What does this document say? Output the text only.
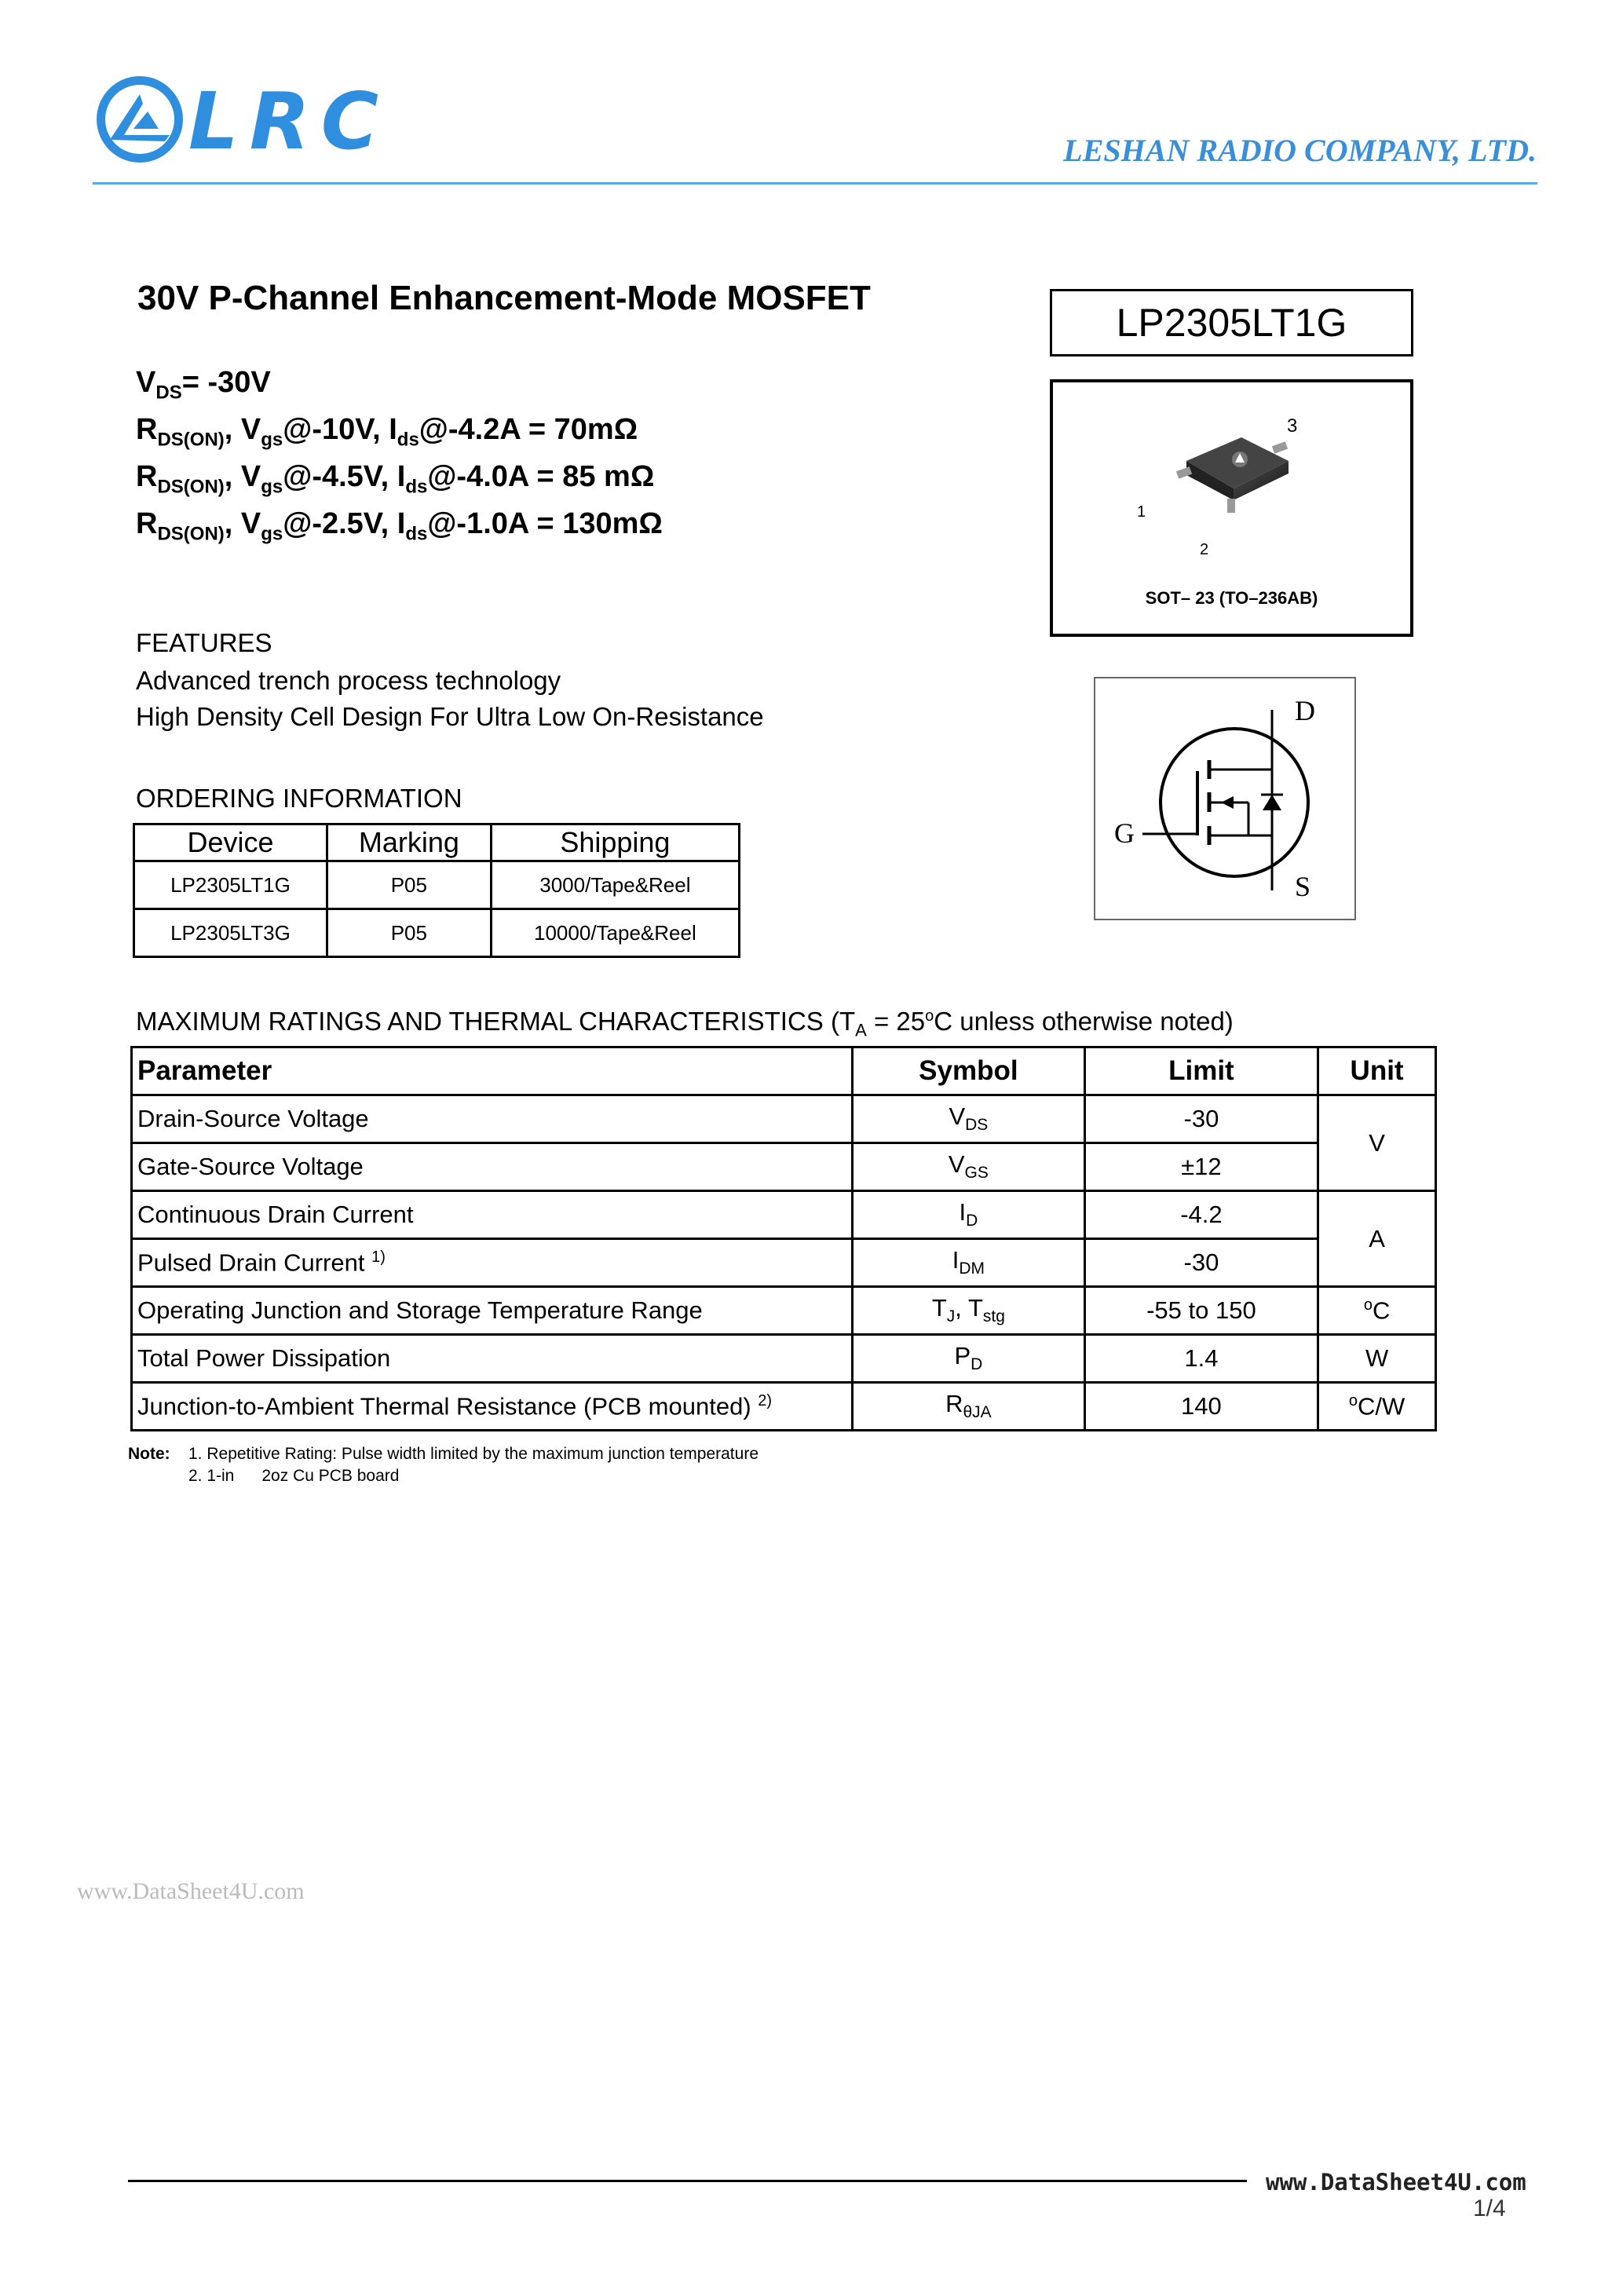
LRC	LESHAN RADIO COMPANY, LTD.
30V P-Channel Enhancement-Mode MOSFET
LP2305LT1G
$V_{DS}= -30V$
$R_{DS(ON)}$, $V_{gs}@-10V$, $I_{ds}@-4.2A = 70m\Omega$
$R_{DS(ON)}$, $V_{gs}@-4.5V$, $I_{ds}@-4.0A = 85$ mΩ
$R_{DS(ON)}$, $V_{gs}@-2.5V$, $I_{ds}@-1.0A = 130m\Omega$
3
1
2
SOT– 23 (TO–236AB)
D
G
S
FEATURES
Advanced trench process technology
High Density Cell Design For Ultra Low On-Resistance
ORDERING INFORMATION
Device	Marking	Shipping
LP2305LT1G	P05	3000/Tape&Reel
LP2305LT3G	P05	10000/Tape&Reel
MAXIMUM RATINGS AND THERMAL CHARACTERISTICS ($T_A = 25^oC$ unless otherwise noted)
Parameter	Symbol	Limit	Unit
Drain-Source Voltage	$V_{DS}$	-30	V
Gate-Source Voltage	$V_{GS}$	±12	
Continuous Drain Current	$I_D$	-4.2	A
Pulsed Drain Current $^{1)}$	$I_{DM}$	-30	
Operating Junction and Storage Temperature Range	$T_J$, $T_{stg}$	-55 to 150	$^o$C
Total Power Dissipation	$P_D$	1.4	W
Junction-to-Ambient Thermal Resistance (PCB mounted) $^{2)}$	$R_{\theta JA}$	140	$^o$C/W
Note: 1. Repetitive Rating: Pulse width limited by the maximum junction temperature
2. 1-in      2oz Cu PCB board
www.DataSheet4U.com
www.DataSheet4U.com
1/4
